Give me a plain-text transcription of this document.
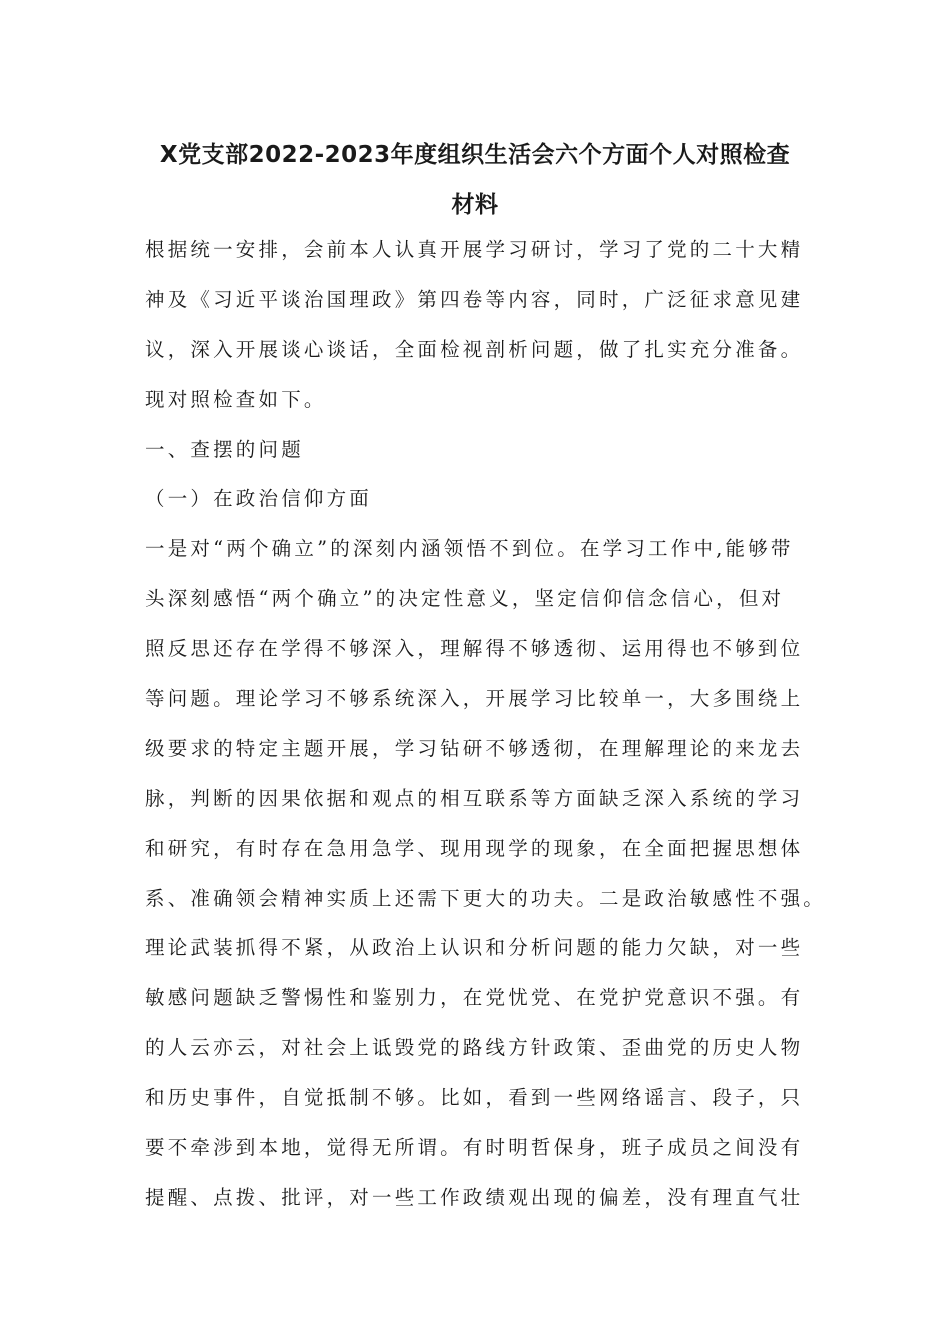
X党支部2022-2023年度组织生活会六个方面个人对照检查
材料
根据统一安排，会前本人认真开展学习研讨，学习了党的二十大精
神及《习近平谈治国理政》第四卷等内容，同时，广泛征求意见建
议，深入开展谈心谈话，全面检视剖析问题，做了扎实充分准备。
现对照检查如下。
一、查摆的问题
（一）在政治信仰方面
一是对“两个确立”的深刻内涵领悟不到位。在学习工作中,能够带
头深刻感悟“两个确立”的决定性意义，坚定信仰信念信心，但对
照反思还存在学得不够深入，理解得不够透彻、运用得也不够到位
等问题。理论学习不够系统深入，开展学习比较单一，大多围绕上
级要求的特定主题开展，学习钻研不够透彻，在理解理论的来龙去
脉，判断的因果依据和观点的相互联系等方面缺乏深入系统的学习
和研究，有时存在急用急学、现用现学的现象，在全面把握思想体
系、准确领会精神实质上还需下更大的功夫。二是政治敏感性不强。
理论武装抓得不紧，从政治上认识和分析问题的能力欠缺，对一些
敏感问题缺乏警惕性和鉴别力，在党忧党、在党护党意识不强。有
的人云亦云，对社会上诋毁党的路线方针政策、歪曲党的历史人物
和历史事件，自觉抵制不够。比如，看到一些网络谣言、段子，只
要不牵涉到本地，觉得无所谓。有时明哲保身，班子成员之间没有
提醒、点拨、批评，对一些工作政绩观出现的偏差，没有理直气壮
